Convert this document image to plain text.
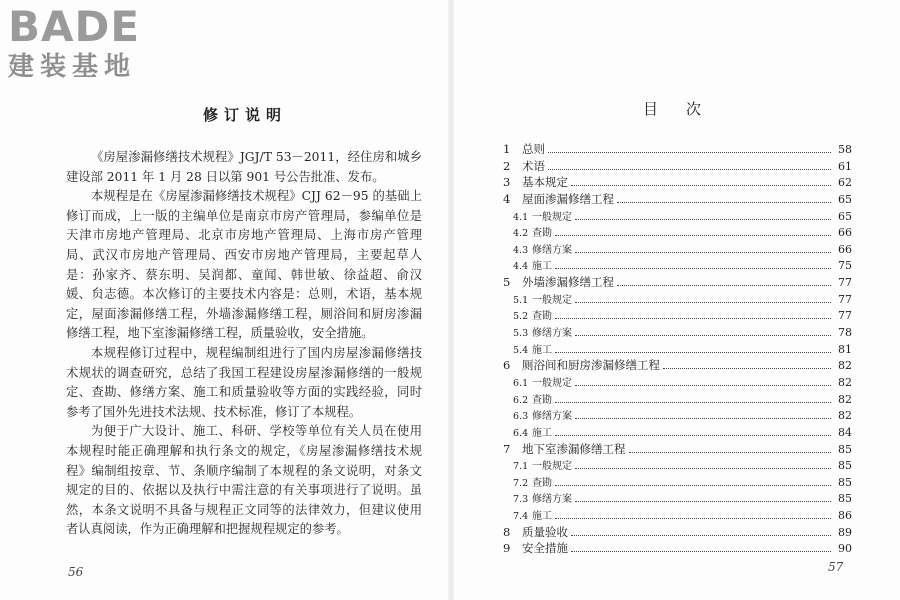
BADE
建装基地
修订说明

《房屋渗漏修缮技术规程》JGJ/T 53－2011，经住房和城乡建设部 2011 年 1 月 28 日以第 901 号公告批准、发布。

本规程是在《房屋渗漏修缮技术规程》CJJ 62－95 的基础上修订而成，上一版的主编单位是南京市房产管理局，参编单位是天津市房地产管理局、北京市房地产管理局、上海市房产管理局、武汉市房地产管理局、西安市房地产管理局，主要起草人是：孙家齐、蔡东明、吴润都、童闻、韩世敏、徐益超、俞汉媛、贠志德。本次修订的主要技术内容是：总则，术语，基本规定，屋面渗漏修缮工程，外墙渗漏修缮工程，厕浴间和厨房渗漏修缮工程，地下室渗漏修缮工程，质量验收，安全措施。

本规程修订过程中，规程编制组进行了国内房屋渗漏修缮技术规状的调查研究，总结了我国工程建设房屋渗漏修缮的一般规定、查勘、修缮方案、施工和质量验收等方面的实践经验，同时参考了国外先进技术法规、技术标准，修订了本规程。

为便于广大设计、施工、科研、学校等单位有关人员在使用本规程时能正确理解和执行条文的规定，《房屋渗漏修缮技术规程》编制组按章、节、条顺序编制了本规程的条文说明，对条文规定的目的、依据以及执行中需注意的有关事项进行了说明。虽然，本条文说明不具备与规程正文同等的法律效力，但建议使用者认真阅读，作为正确理解和把握规程规定的参考。

56
目次
1	总则	58
2	术语	61
3	基本规定	62
4	屋面渗漏修缮工程	65
4.1 一般规定	65
4.2 查勘	66
4.3 修缮方案	66
4.4 施工	75
5	外墙渗漏修缮工程	77
5.1 一般规定	77
5.2 查勘	77
5.3 修缮方案	78
5.4 施工	81
6	厕浴间和厨房渗漏修缮工程	82
6.1 一般规定	82
6.2 查勘	82
6.3 修缮方案	82
6.4 施工	84
7	地下室渗漏修缮工程	85
7.1 一般规定	85
7.2 查勘	85
7.3 修缮方案	85
7.4 施工	86
8	质量验收	89
9	安全措施	90
57
